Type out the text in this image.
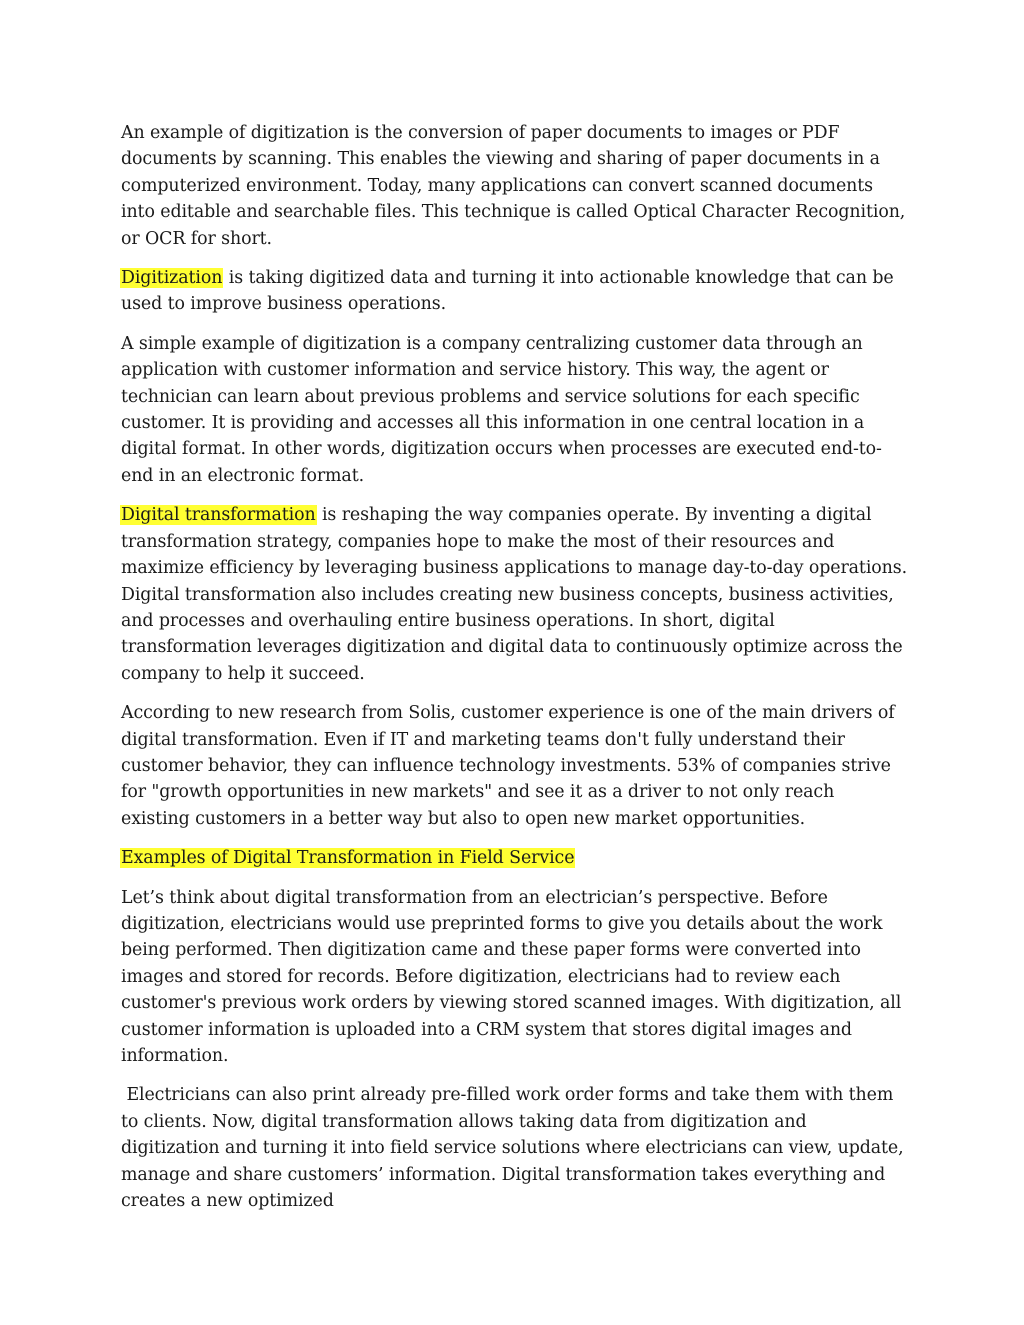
An example of digitization is the conversion of paper documents to images or PDF documents by scanning. This enables the viewing and sharing of paper documents in a computerized environment. Today, many applications can convert scanned documents into editable and searchable files. This technique is called Optical Character Recognition, or OCR for short.

Digitization is taking digitized data and turning it into actionable knowledge that can be used to improve business operations.

A simple example of digitization is a company centralizing customer data through an application with customer information and service history. This way, the agent or technician can learn about previous problems and service solutions for each specific customer. It is providing and accesses all this information in one central location in a digital format. In other words, digitization occurs when processes are executed end-to-end in an electronic format.

Digital transformation is reshaping the way companies operate. By inventing a digital transformation strategy, companies hope to make the most of their resources and maximize efficiency by leveraging business applications to manage day-to-day operations. Digital transformation also includes creating new business concepts, business activities, and processes and overhauling entire business operations. In short, digital transformation leverages digitization and digital data to continuously optimize across the company to help it succeed.

According to new research from Solis, customer experience is one of the main drivers of digital transformation. Even if IT and marketing teams don't fully understand their customer behavior, they can influence technology investments. 53% of companies strive for "growth opportunities in new markets" and see it as a driver to not only reach existing customers in a better way but also to open new market opportunities.

Examples of Digital Transformation in Field Service

Let’s think about digital transformation from an electrician’s perspective. Before digitization, electricians would use preprinted forms to give you details about the work being performed. Then digitization came and these paper forms were converted into images and stored for records. Before digitization, electricians had to review each customer's previous work orders by viewing stored scanned images. With digitization, all customer information is uploaded into a CRM system that stores digital images and information.

Electricians can also print already pre-filled work order forms and take them with them to clients. Now, digital transformation allows taking data from digitization and digitization and turning it into field service solutions where electricians can view, update, manage and share customers’ information. Digital transformation takes everything and creates a new optimized
